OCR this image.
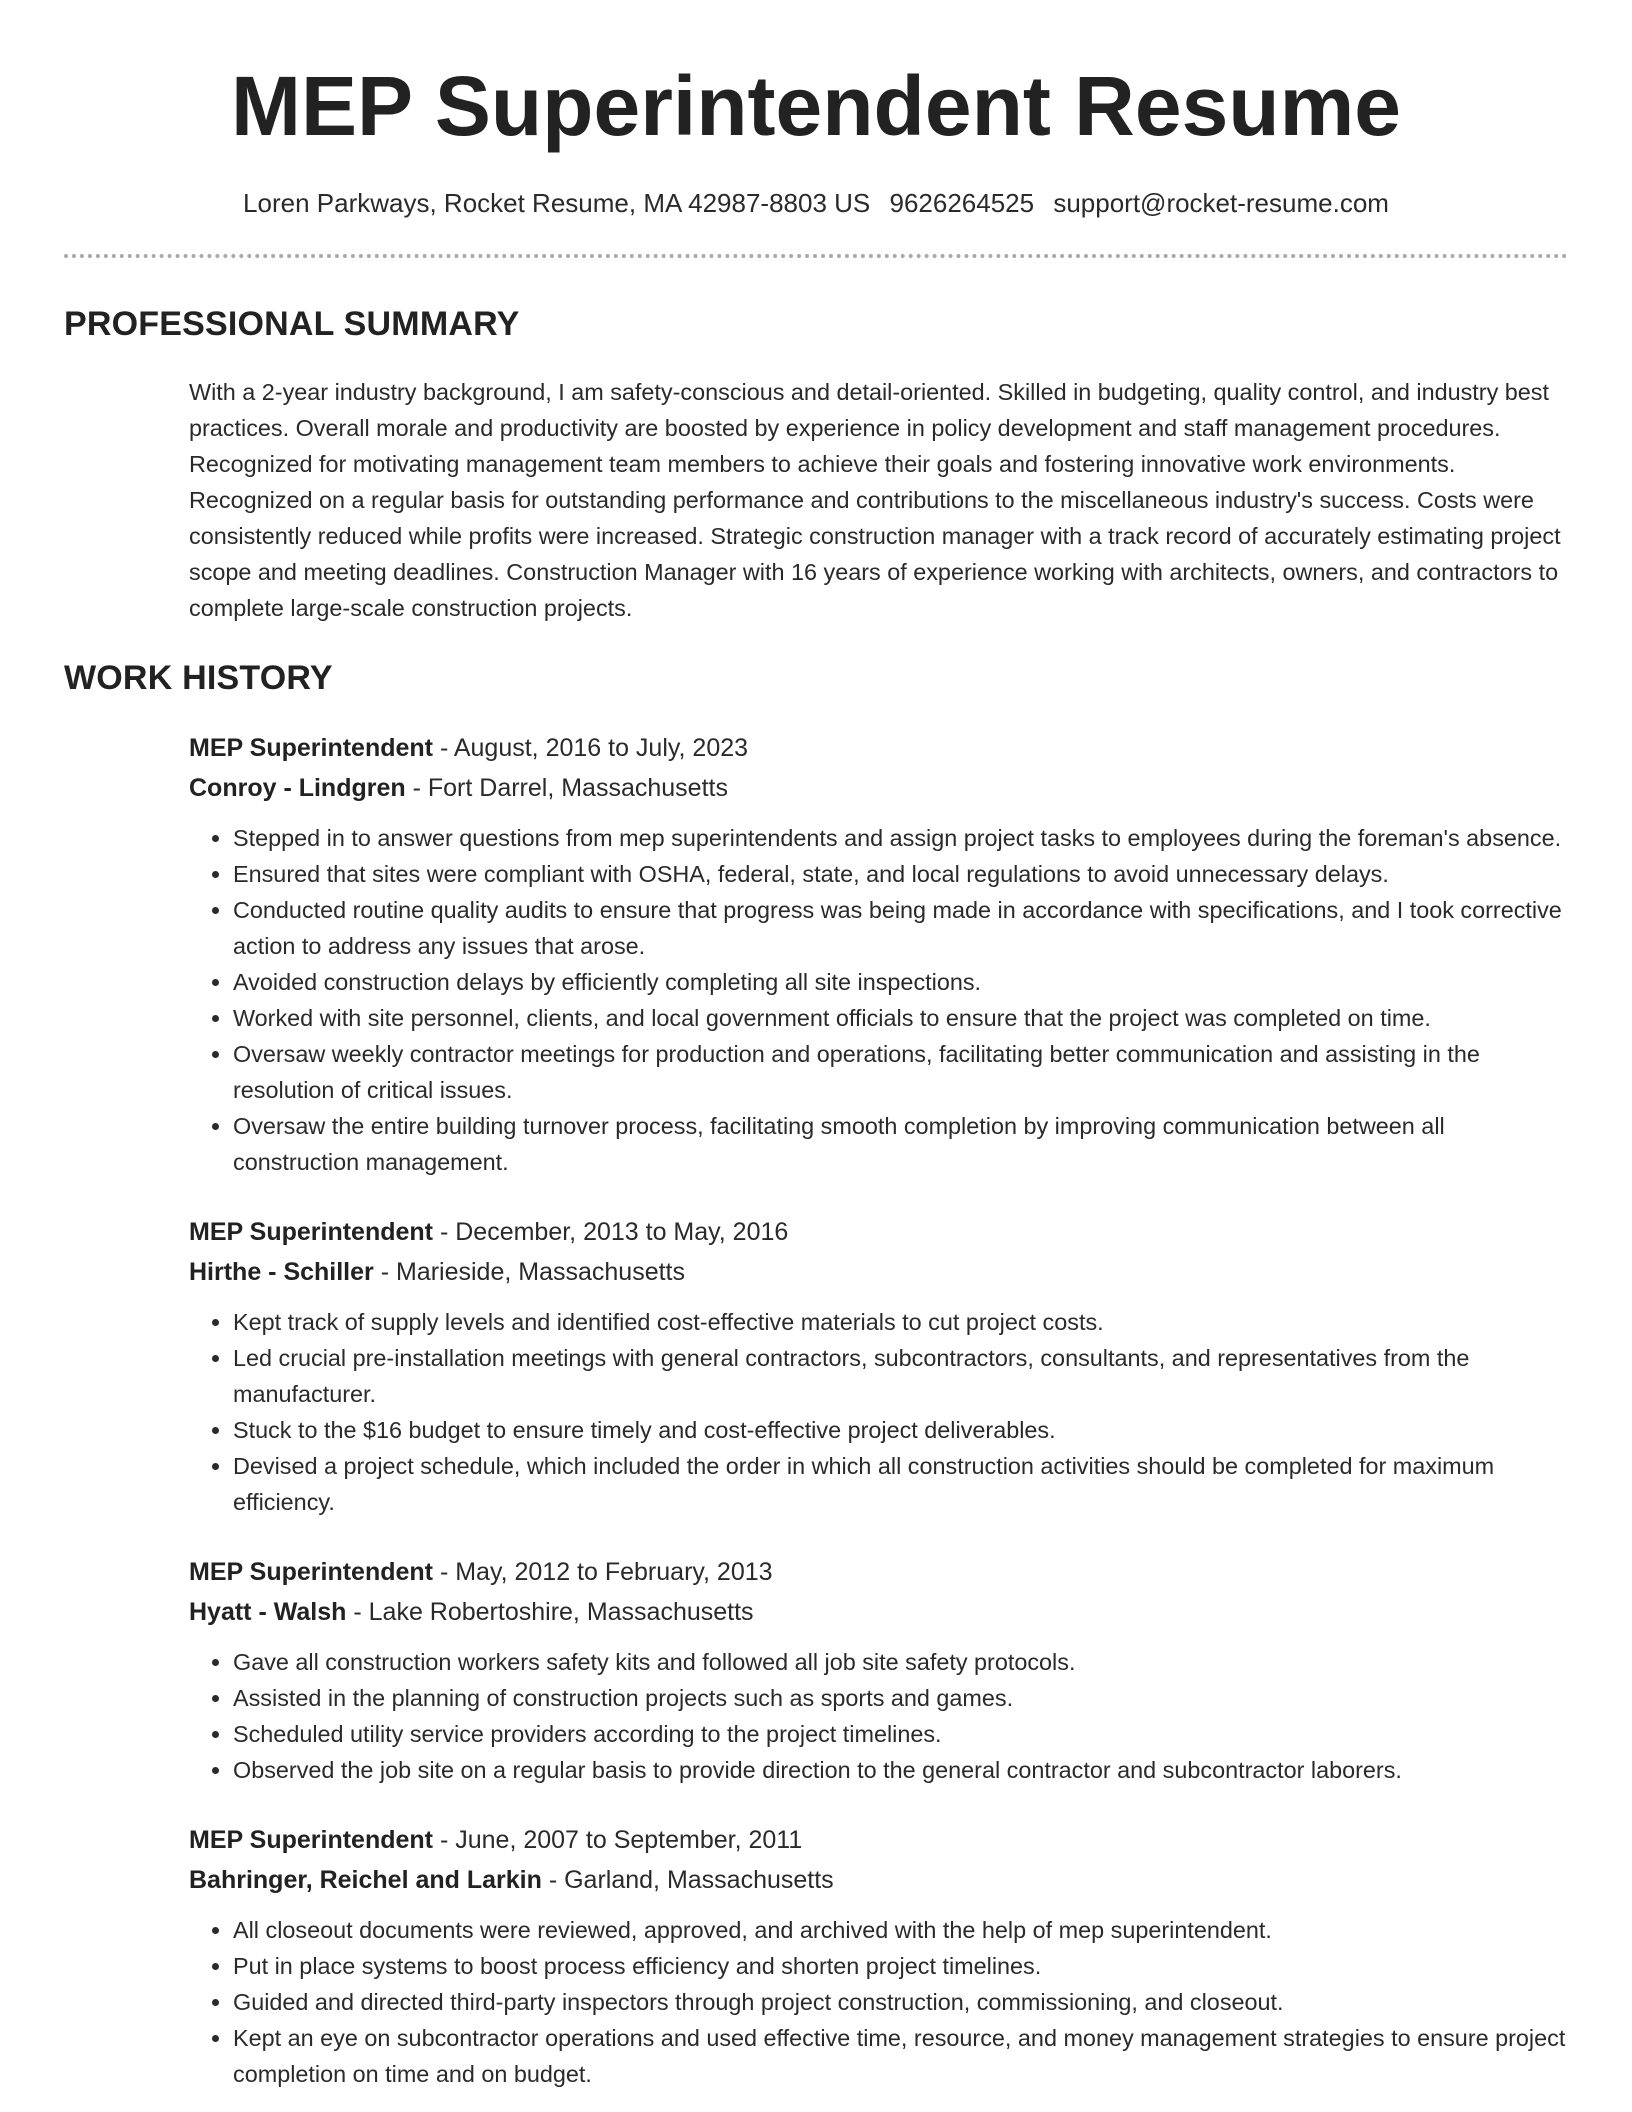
MEP Superintendent Resume
Loren Parkways, Rocket Resume, MA 42987-8803 US 9626264525 support@rocket-resume.com
PROFESSIONAL SUMMARY

With a 2-year industry background, I am safety-conscious and detail-oriented. Skilled in budgeting, quality control, and industry best practices. Overall morale and productivity are boosted by experience in policy development and staff management procedures. Recognized for motivating management team members to achieve their goals and fostering innovative work environments. Recognized on a regular basis for outstanding performance and contributions to the miscellaneous industry's success. Costs were consistently reduced while profits were increased. Strategic construction manager with a track record of accurately estimating project scope and meeting deadlines. Construction Manager with 16 years of experience working with architects, owners, and contractors to complete large-scale construction projects.

WORK HISTORY
MEP Superintendent - August, 2016 to July, 2023
Conroy - Lindgren - Fort Darrel, Massachusetts
• Stepped in to answer questions from mep superintendents and assign project tasks to employees during the foreman's absence.
• Ensured that sites were compliant with OSHA, federal, state, and local regulations to avoid unnecessary delays.
• Conducted routine quality audits to ensure that progress was being made in accordance with specifications, and I took corrective action to address any issues that arose.
• Avoided construction delays by efficiently completing all site inspections.
• Worked with site personnel, clients, and local government officials to ensure that the project was completed on time.
• Oversaw weekly contractor meetings for production and operations, facilitating better communication and assisting in the resolution of critical issues.
• Oversaw the entire building turnover process, facilitating smooth completion by improving communication between all construction management.
MEP Superintendent - December, 2013 to May, 2016
Hirthe - Schiller - Marieside, Massachusetts
• Kept track of supply levels and identified cost-effective materials to cut project costs.
• Led crucial pre-installation meetings with general contractors, subcontractors, consultants, and representatives from the manufacturer.
• Stuck to the $16 budget to ensure timely and cost-effective project deliverables.
• Devised a project schedule, which included the order in which all construction activities should be completed for maximum efficiency.
MEP Superintendent - May, 2012 to February, 2013
Hyatt - Walsh - Lake Robertoshire, Massachusetts
• Gave all construction workers safety kits and followed all job site safety protocols.
• Assisted in the planning of construction projects such as sports and games.
• Scheduled utility service providers according to the project timelines.
• Observed the job site on a regular basis to provide direction to the general contractor and subcontractor laborers.
MEP Superintendent - June, 2007 to September, 2011
Bahringer, Reichel and Larkin - Garland, Massachusetts
• All closeout documents were reviewed, approved, and archived with the help of mep superintendent.
• Put in place systems to boost process efficiency and shorten project timelines.
• Guided and directed third-party inspectors through project construction, commissioning, and closeout.
• Kept an eye on subcontractor operations and used effective time, resource, and money management strategies to ensure project completion on time and on budget.
